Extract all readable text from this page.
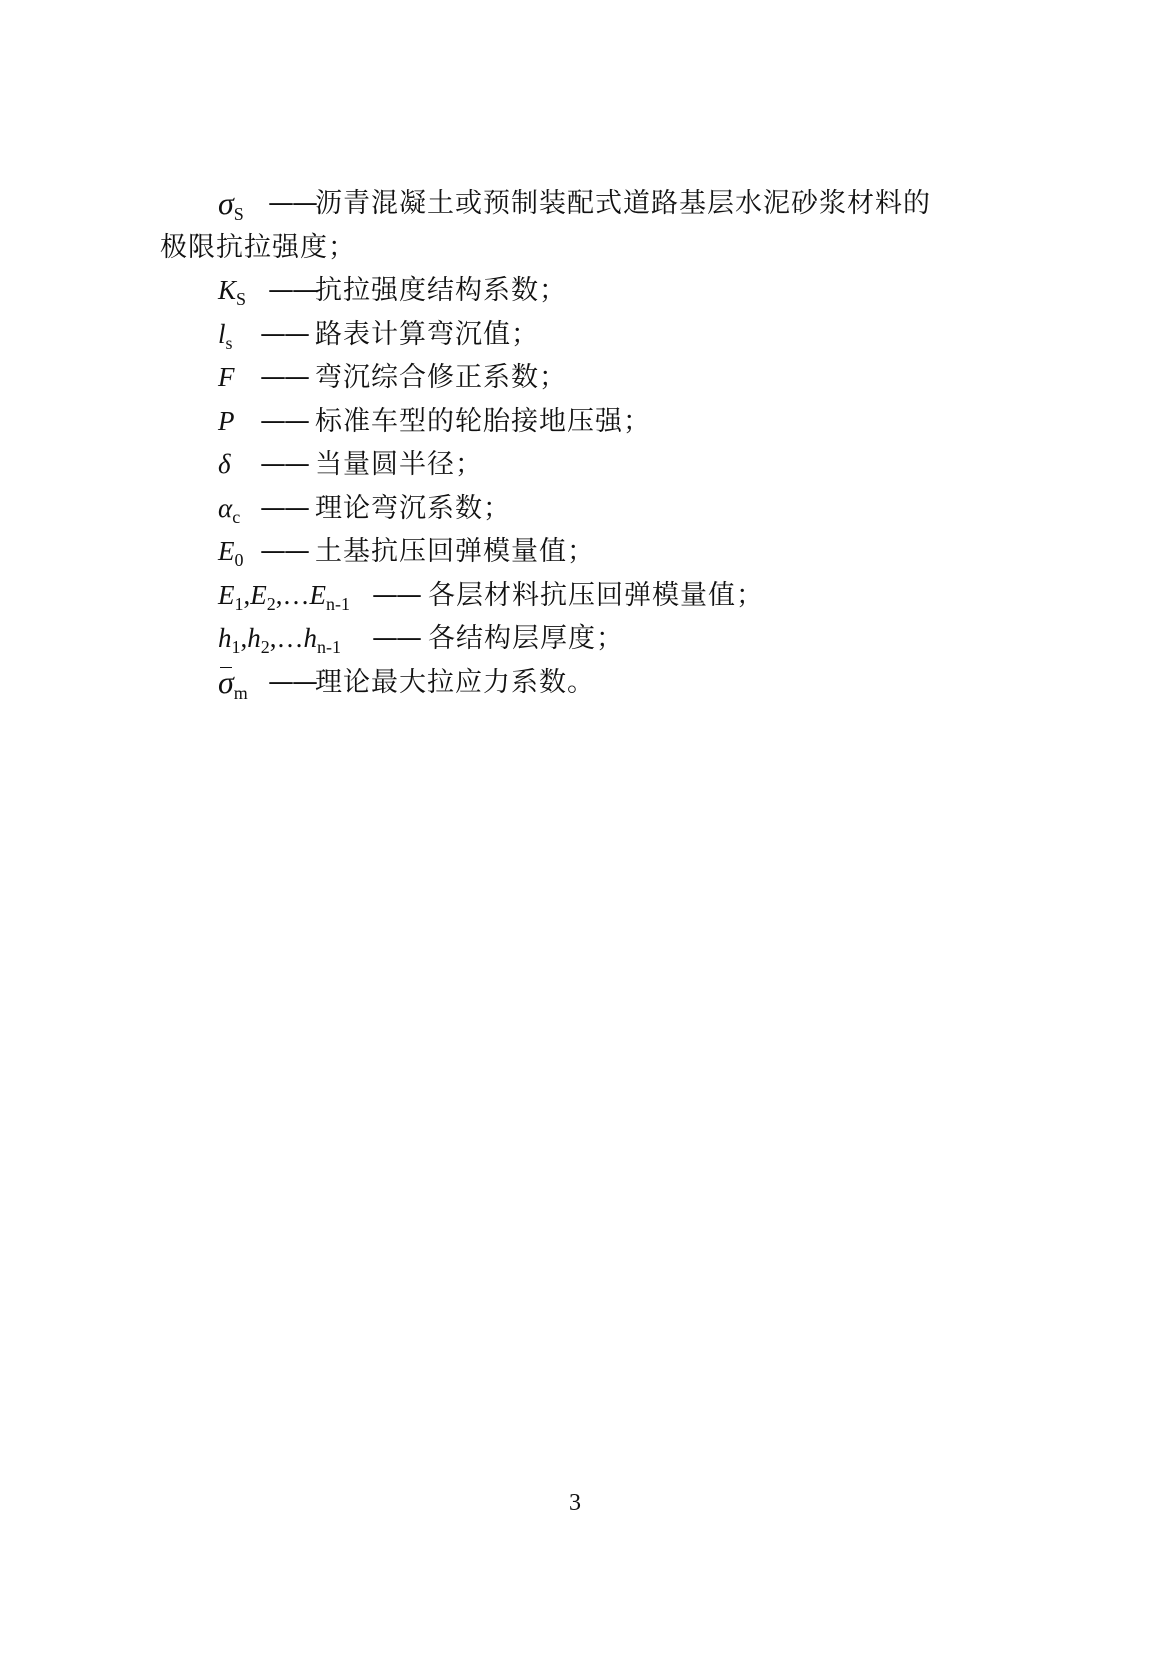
$\sigma_S$ —— 沥青混凝土或预制装配式道路基层水泥砂浆材料的
极限抗拉强度；
$K_S$ —— 抗拉强度结构系数；
$l_s$ —— 路表计算弯沉值；
F —— 弯沉综合修正系数；
P —— 标准车型的轮胎接地压强；
δ —— 当量圆半径；
$\alpha_c$ —— 理论弯沉系数；
$E_0$ —— 土基抗压回弹模量值；
$E_1,E_2,\dots E_{n-1}$ —— 各层材料抗压回弹模量值；
$h_1,h_2,\dots h_{n-1}$ —— 各结构层厚度；
$\sigma_m$ —— 理论最大拉应力系数。
3
